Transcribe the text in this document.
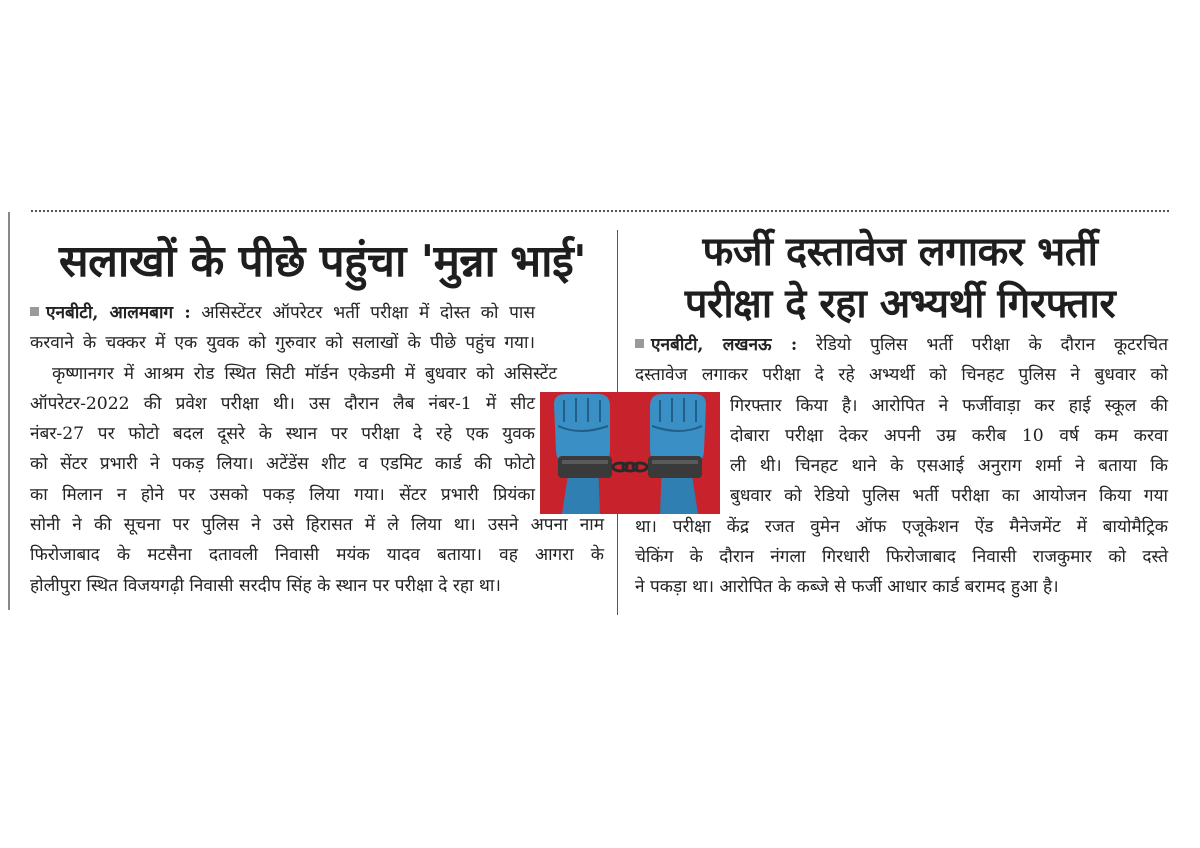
सलाखों के पीछे पहुंचा 'मुन्ना भाई'
एनबीटी, आलमबाग : असिस्टेंटर ऑपरेटर भर्ती परीक्षा में दोस्त को पास
करवाने के चक्कर में एक युवक को गुरुवार को सलाखों के पीछे पहुंच गया।
कृष्णानगर में आश्रम रोड स्थित सिटी मॉर्डन एकेडमी में बुधवार को असिस्टेंट
ऑपरेटर-2022 की प्रवेश परीक्षा थी। उस दौरान लैब नंबर-1 में सीट
नंबर-27 पर फोटो बदल दूसरे के स्थान पर परीक्षा दे रहे एक युवक
को सेंटर प्रभारी ने पकड़ लिया। अटेंडेंस शीट व एडमिट कार्ड की फोटो
का मिलान न होने पर उसको पकड़ लिया गया। सेंटर प्रभारी प्रियंका
सोनी ने की सूचना पर पुलिस ने उसे हिरासत में ले लिया था। उसने अपना नाम
फिरोजाबाद के मटसैना दतावली निवासी मयंक यादव बताया। वह आगरा के
होलीपुरा स्थित विजयगढ़ी निवासी सरदीप सिंह के स्थान पर परीक्षा दे रहा था।
फर्जी दस्तावेज लगाकर भर्ती
परीक्षा दे रहा अभ्यर्थी गिरफ्तार
एनबीटी, लखनऊ : रेडियो पुलिस भर्ती परीक्षा के दौरान कूटरचित
दस्तावेज लगाकर परीक्षा दे रहे अभ्यर्थी को चिनहट पुलिस ने बुधवार को
गिरफ्तार किया है। आरोपित ने फर्जीवाड़ा कर हाई स्कूल की
दोबारा परीक्षा देकर अपनी उम्र करीब 10 वर्ष कम करवा
ली थी। चिनहट थाने के एसआई अनुराग शर्मा ने बताया कि
बुधवार को रेडियो पुलिस भर्ती परीक्षा का आयोजन किया गया
था। परीक्षा केंद्र रजत वुमेन ऑफ एजूकेशन ऐंड मैनेजमेंट में बायोमैट्रिक
चेकिंग के दौरान नंगला गिरधारी फिरोजाबाद निवासी राजकुमार को दस्ते
ने पकड़ा था। आरोपित के कब्जे से फर्जी आधार कार्ड बरामद हुआ है।
